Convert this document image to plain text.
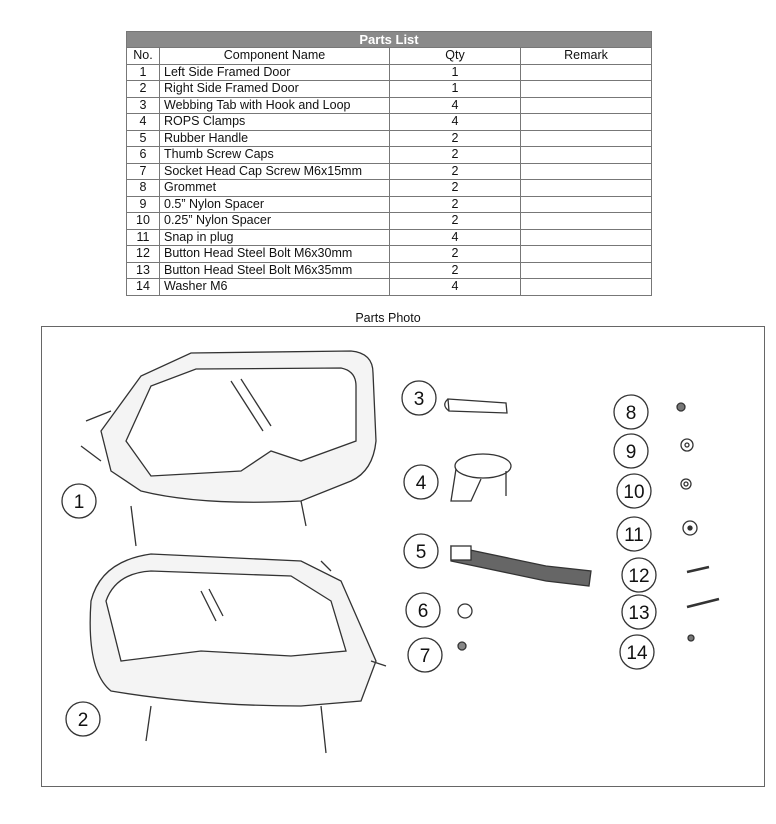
Parts List			
No.	Component Name	Qty	Remark
1	Left Side Framed Door	1	
2	Right Side Framed Door	1	
3	Webbing Tab with Hook and Loop	4	
4	ROPS Clamps	4	
5	Rubber Handle	2	
6	Thumb Screw Caps	2	
7	Socket Head Cap Screw M6x15mm	2	
8	Grommet	2	
9	0.5” Nylon Spacer	2	
10	0.25” Nylon Spacer	2	
11	Snap in plug	4	
12	Button Head Steel Bolt M6x30mm	2	
13	Button Head Steel Bolt M6x35mm	2	
14	Washer M6	4	
Parts Photo
1
2
3
4
5
6
7
8
9
10
11
12
13
14
